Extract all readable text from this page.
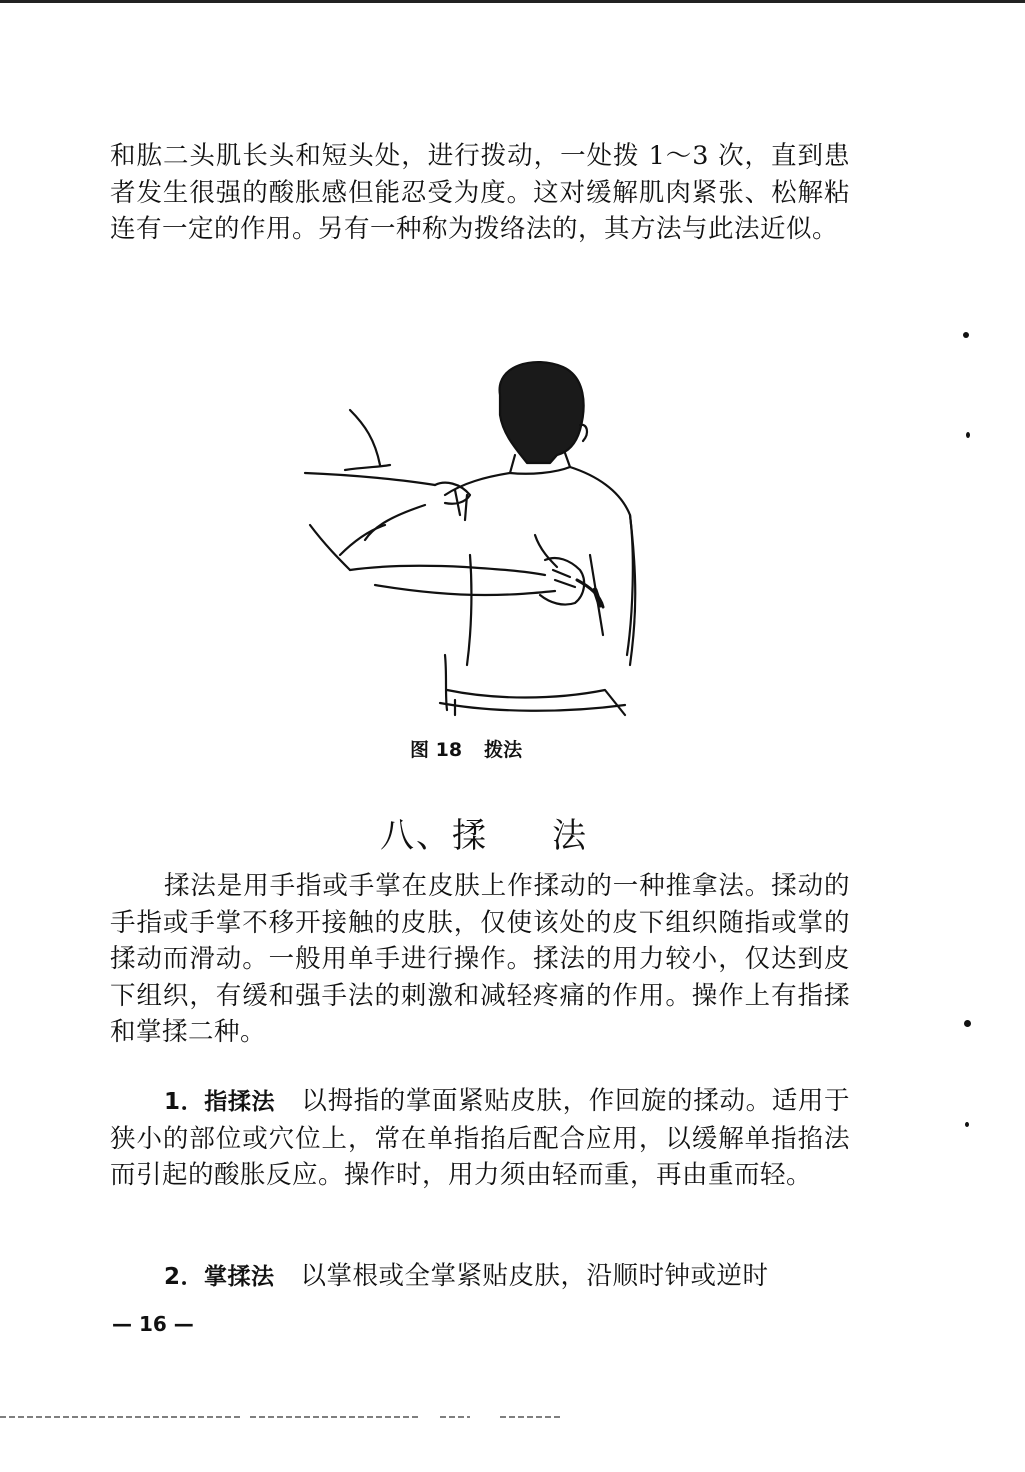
和肱二头肌长头和短头处，进行拨动，一处拨 1～3 次，直到患者发生很强的酸胀感但能忍受为度。这对缓解肌肉紧张、松解粘连有一定的作用。另有一种称为拨络法的，其方法与此法近似。

图 18 拨法
八、揉 法

揉法是用手指或手掌在皮肤上作揉动的一种推拿法。揉动的手指或手掌不移开接触的皮肤，仅使该处的皮下组织随指或掌的揉动而滑动。一般用单手进行操作。揉法的用力较小，仅达到皮下组织，有缓和强手法的刺激和减轻疼痛的作用。操作上有指揉和掌揉二种。

1．指揉法　 以拇指的掌面紧贴皮肤，作回旋的揉动。适用于狭小的部位或穴位上，常在单指掐后配合应用，以缓解单指掐法而引起的酸胀反应。操作时，用力须由轻而重，再由重而轻。

2．掌揉法　 以掌根或全掌紧贴皮肤，沿顺时钟或逆时

— 16 —
